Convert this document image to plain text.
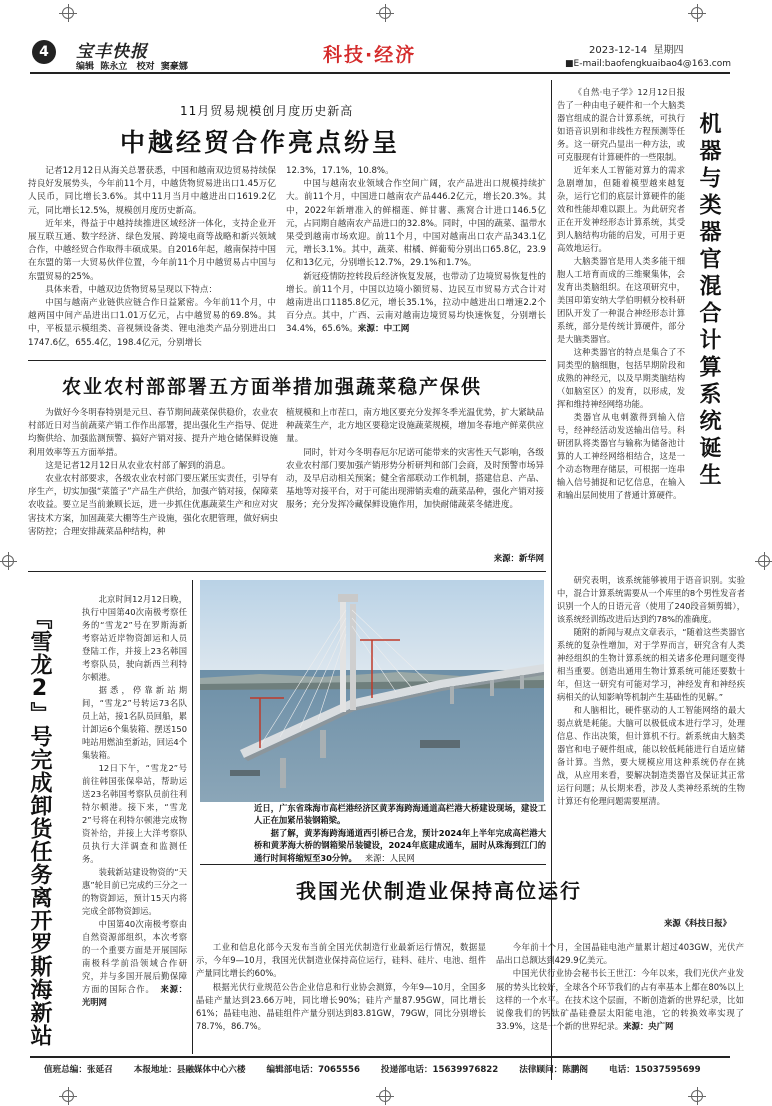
4	宝丰快报
编辑  陈永立   校对  窦豪娜
科技·经济	2023-12-14 星期四
■E-mail:baofengkuaibao4@163.com
11月贸易规模创月度历史新高
中越经贸合作亮点纷呈

记者12月12日从海关总署获悉，中国和越南双边贸易持续保持良好发展势头，今年前11个月，中越货物贸易进出口1.45万亿人民币，同比增长3.6%。其中11月当月中越进出口1619.2亿元，同比增长12.5%，规模创月度历史新高。

近年来，得益于中越持续推进区域经济一体化，支持企业开展互联互通、数字经济、绿色发展、跨境电商等战略和新兴领域合作，中越经贸合作取得丰硕成果。自2016年起，越南保持中国在东盟的第一大贸易伙伴位置，今年前11个月中越贸易占中国与东盟贸易的25%。

具体来看，中越双边货物贸易呈现以下特点：

中国与越南产业链供应链合作日益紧密。今年前11个月，中越两国中间产品进出口1.01万亿元，占中越贸易的69.8%。其中，平板显示模组类、音视频设备类、锂电池类产品分别进出口1747.6亿，655.4亿，198.4亿元，分别增长

12.3%，17.1%，10.8%。

中国与越南农业领域合作空间广阔，农产品进出口规模持续扩大。前11个月，中国进口越南农产品446.2亿元，增长20.3%。其中，2022年新增准入的鲜榴莲、鲜甘薯、燕窝合计进口146.5亿元，占同期自越南农产品进口的32.8%。同时，中国的蔬菜、温带水果受到越南市场欢迎。前11个月，中国对越南出口农产品343.1亿元，增长3.1%。其中，蔬菜、柑橘、鲜葡萄分别出口65.8亿，23.9亿和13亿元，分别增长12.7%，29.1%和1.7%。

新冠疫情防控转段后经济恢复发展，也带动了边境贸易恢复性的增长。前11个月，中国以边境小额贸易、边民互市贸易方式合计对越南进出口1185.8亿元，增长35.1%，拉动中越进出口增速2.2个百分点。其中，广西、云南对越南边境贸易均快速恢复，分别增长34.4%，65.6%。来源：中工网

农业农村部部署五方面举措加强蔬菜稳产保供

为做好今冬明春特别是元旦、春节期间蔬菜保供稳价，农业农村部近日对当前蔬菜产销工作作出部署，提出强化生产指导、促进均衡供给、加强监测预警、搞好产销对接、提升产地仓储保鲜设施利用效率等五方面举措。

这是记者12月12日从农业农村部了解到的消息。

农业农村部要求，各级农业农村部门要压紧压实责任，引导有序生产，切实加强“菜篮子”产品生产供给，加强产销对接，保障菜农收益。要立足当前兼顾长远，进一步抓住优惠蔬菜生产和应对灾害技术方案，加固蔬菜大棚等生产设施，强化农肥管理，做好病虫害防控；合理安排蔬菜品种结构，种

植规模和上市茬口，南方地区要充分发挥冬季光温优势，扩大紧缺品种蔬菜生产，北方地区要稳定设施蔬菜规模，增加冬春地产鲜菜供应量。

同时，针对今冬明春厄尔尼诺可能带来的灾害性天气影响，各级农业农村部门要加强产销形势分析研判和部门会商，及时预警市场异动，及早启动相关预案；健全省部联动工作机制，搭建信息、产品、基地等对接平台，对于可能出现滞销卖难的蔬菜品种，强化产销对接服务；充分发挥冷藏保鲜设施作用，加快耐储蔬菜冬储进度。

来源：新华网
『雪龙2』号完成卸货任务离开罗斯海新站

北京时间12月12日晚，执行中国第40次南极考察任务的“雪龙2”号在罗斯海新考察站近岸物资卸运和人员登陆工作，并接上23名韩国考察队员，驶向新西兰利特尔顿港。

据悉，停靠新站期间，“雪龙2”号转运73名队员上站，接1名队员回船，累计卸运6个集装箱、摆送150吨站用燃油至新站，回运4个集装箱。

12日下午，“雪龙2”号前往韩国张保皋站，帮助运送23名韩国考察队员前往利特尔顿港。接下来，“雪龙2”号将在利特尔顿港完成物资补给，并接上大洋考察队员执行大洋调查和监测任务。

装载新站建设物资的“天惠”轮目前已完成约三分之一的物资卸运，预计15天内将完成全部物资卸运。

中国第40次南极考察由自然资源部组织，本次考察的一个重要方面是开展国际南极科学前沿领域合作研究，并与多国开展后勤保障方面的国际合作。 来源：光明网

近日，广东省珠海市高栏港经济区黄茅海跨海通道高栏港大桥建设现场，建设工人正在加紧吊装钢箱梁。

据了解，黄茅海跨海通道西引桥已合龙，预计2024年上半年完成高栏港大桥和黄茅海大桥的钢箱梁吊装键设，2024年底建成通车，届时从珠海到江门的通行时间将缩短至30分钟。 来源：人民网

我国光伏制造业保持高位运行

工业和信息化部今天发布当前全国光伏制造行业最新运行情况，数据显示，今年9—10月，我国光伏制造业保持高位运行，硅料、硅片、电池、组件产量同比增长约60%。

根据光伏行业规范公告企业信息和行业协会测算，今年9—10月，全国多晶硅产量达到23.66万吨，同比增长90%；硅片产量87.95GW，同比增长61%；晶硅电池、晶硅组件产量分别达到83.81GW，79GW，同比分别增长78.7%，86.7%。

今年前十个月，全国晶硅电池产量累计超过403GW，光伏产品出口总额达到429.9亿美元。

中国光伏行业协会秘书长王世江：今年以来，我们光伏产业发展的势头比较好，全球各个环节我们的占有率基本上都在80%以上这样的一个水平。在技术这个层面，不断创造新的世界纪录，比如说像我们的钙钛矿晶硅叠层太阳能电池，它的转换效率实现了33.9%，这是一个新的世界纪录。来源：央广网

《自然·电子学》12月12日报告了一种由电子硬件和一个大脑类器官组成的混合计算系统，可执行如语音识别和非线性方程预测等任务。这一研究凸显出一种方法，或可克服现有计算硬件的一些限制。

近年来人工智能对算力的需求急剧增加，但随着模型越来越复杂，运行它们的底层计算硬件的能效和性能却难以跟上。为此研究者正在开发神经形态计算系统，其受到人脑结构功能的启发，可用于更高效地运行。

大脑类器官是用人类多能干细胞人工培育而成的三维聚集体，会发育出类脑组织。在这项研究中，美国印第安纳大学伯明顿分校科研团队开发了一种混合神经形态计算系统，部分是传统计算硬件，部分是大脑类器官。

这种类器官的特点是集合了不同类型的脑细胞，包括早期阶段和成熟的神经元，以及早期类脑结构（如脑室区）的发育，以形成，发挥和维持神经网络功能。

类器官从电刺激得到输入信号，经神经活动发送输出信号。科研团队将类器官与输称为储备池计算的人工神经网络相结合，这是一个动态物理存储层，可根据一连串输入信号捕捉和记忆信息，在输入和输出层间使用了普通计算硬件。

机器与类器官混合计算系统诞生

研究表明，该系统能够被用于语音识别。实验中，混合计算系统需要从一个库里的8个男性发音者识别一个人的日语元音（使用了240段音频剪辑），该系统经训练改进后达到约78%的准确度。

随附的新闻与观点文章表示，“随着这些类器官系统的复杂性增加，对于学界而言，研究含有人类神经组织的生物计算系统的相关诸多伦理问题变得相当重要。创造出通用生物计算系统可能还要数十年，但这一研究有可能对学习，神经发育和神经疾病相关的认知影响等机制产生基础性的见解。”

和人脑相比，硬件驱动的人工智能网络的最大弱点就是耗能。大脑可以极低成本进行学习，处理信息、作出决策，但计算机不行。新系统由大脑类器官和电子硬件组成，能以较低耗能进行自适应储备计算。当然，要大规模应用这种系统仍存在挑战，从应用来看，要解决制造类器官及保证其正常运行问题；从长期来看，涉及人类神经系统的生物计算还有伦理问题需要厘清。

来源《科技日报》
值班总编：张延召 本报地址：县融媒体中心六楼 编辑部电话：7065556 投递部电话：15639976822 法律顾问：陈鹏阁 电话：15037595699
